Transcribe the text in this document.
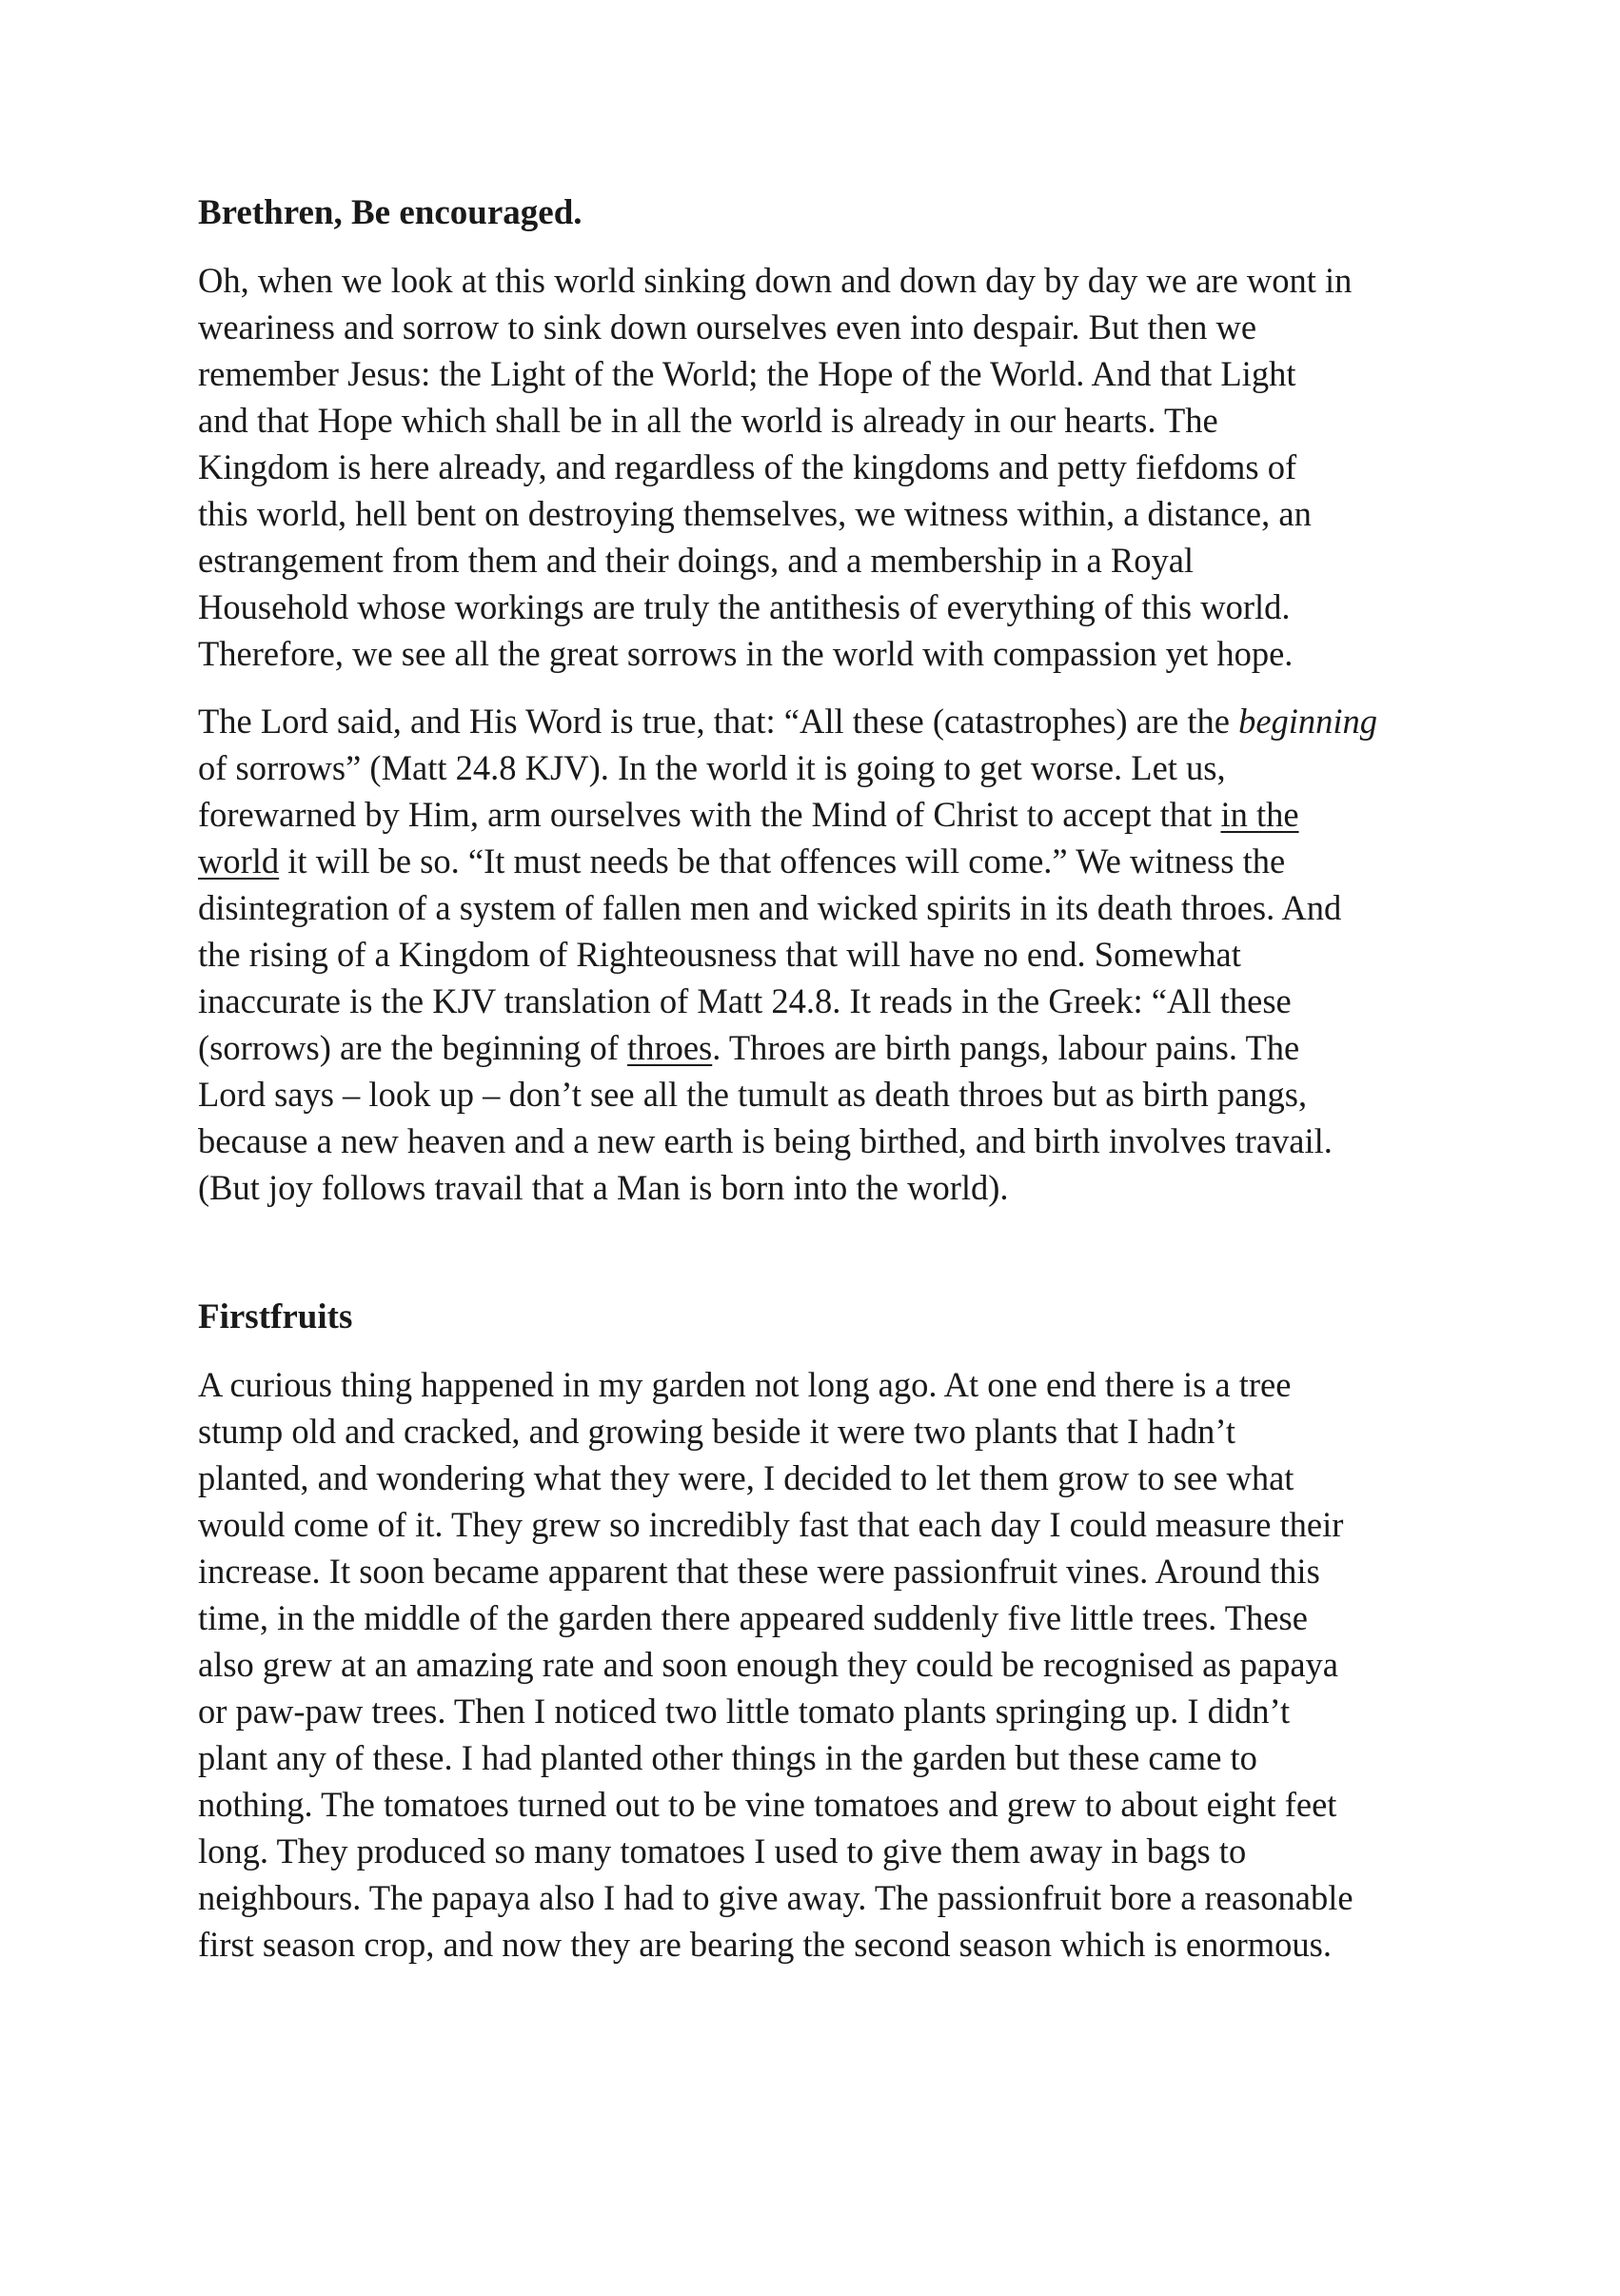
Brethren, Be encouraged.
Oh, when we look at this world sinking down and down day by day we are wont in
weariness and sorrow to sink down ourselves even into despair. But then we
remember Jesus: the Light of the World; the Hope of the World. And that Light
and that Hope which shall be in all the world is already in our hearts. The
Kingdom is here already, and regardless of the kingdoms and petty fiefdoms of
this world, hell bent on destroying themselves, we witness within, a distance, an
estrangement from them and their doings, and a membership in a Royal
Household whose workings are truly the antithesis of everything of this world.
Therefore, we see all the great sorrows in the world with compassion yet hope.
The Lord said, and His Word is true, that: “All these (catastrophes) are the beginning
of sorrows” (Matt 24.8 KJV). In the world it is going to get worse. Let us,
forewarned by Him, arm ourselves with the Mind of Christ to accept that in the
world it will be so. “It must needs be that offences will come.” We witness the
disintegration of a system of fallen men and wicked spirits in its death throes. And
the rising of a Kingdom of Righteousness that will have no end. Somewhat
inaccurate is the KJV translation of Matt 24.8. It reads in the Greek: “All these
(sorrows) are the beginning of throes. Throes are birth pangs, labour pains. The
Lord says – look up – don’t see all the tumult as death throes but as birth pangs,
because a new heaven and a new earth is being birthed, and birth involves travail.
(But joy follows travail that a Man is born into the world).
Firstfruits
A curious thing happened in my garden not long ago. At one end there is a tree
stump old and cracked, and growing beside it were two plants that I hadn’t
planted, and wondering what they were, I decided to let them grow to see what
would come of it. They grew so incredibly fast that each day I could measure their
increase. It soon became apparent that these were passionfruit vines. Around this
time, in the middle of the garden there appeared suddenly five little trees. These
also grew at an amazing rate and soon enough they could be recognised as papaya
or paw-paw trees. Then I noticed two little tomato plants springing up. I didn’t
plant any of these. I had planted other things in the garden but these came to
nothing. The tomatoes turned out to be vine tomatoes and grew to about eight feet
long. They produced so many tomatoes I used to give them away in bags to
neighbours. The papaya also I had to give away. The passionfruit bore a reasonable
first season crop, and now they are bearing the second season which is enormous.
